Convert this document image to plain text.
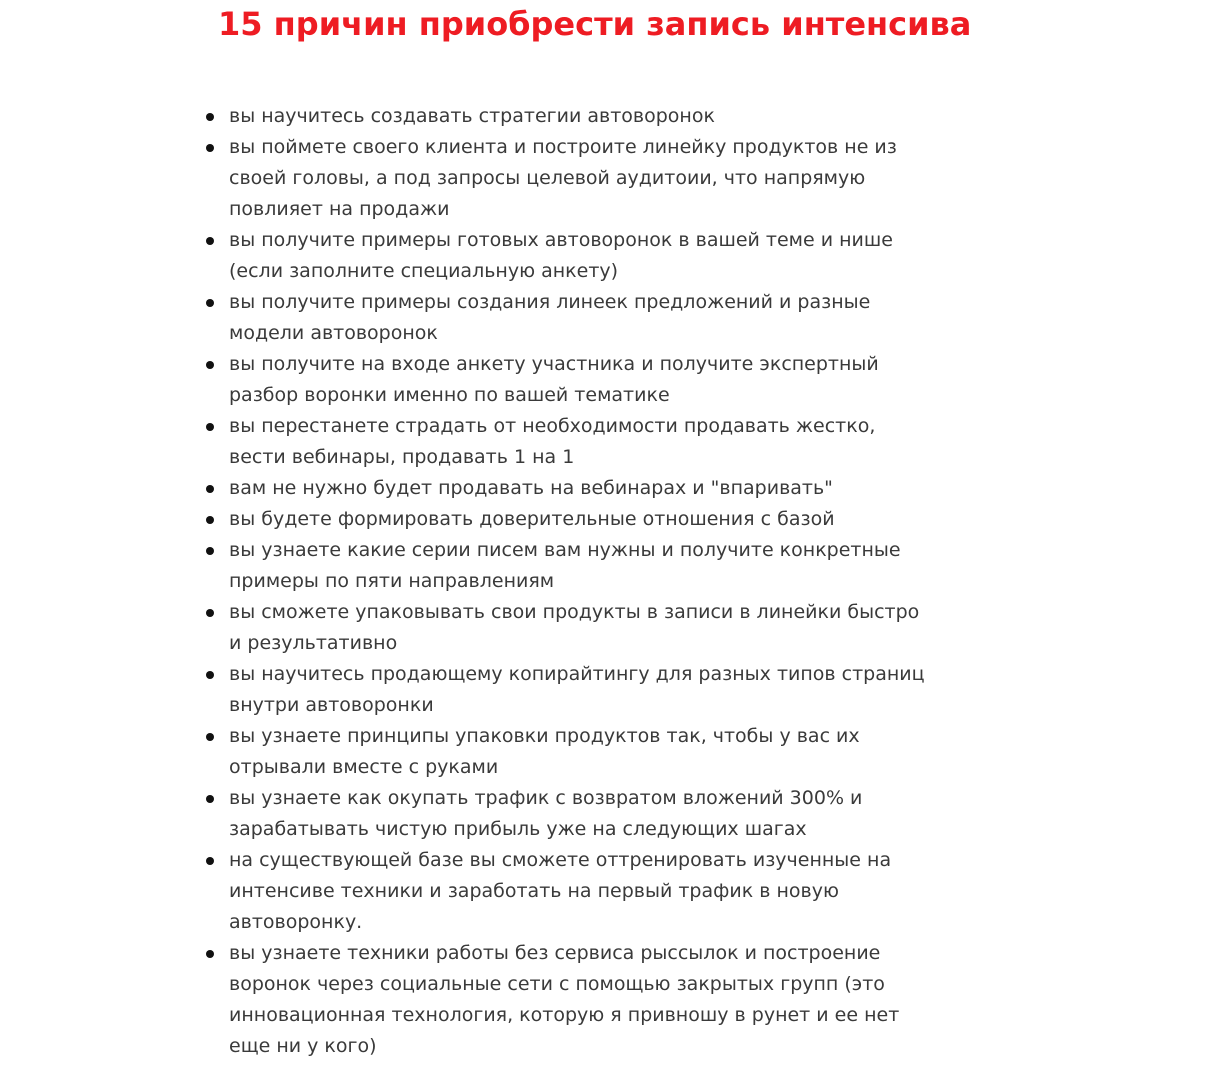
15 причин приобрести запись интенсива
вы научитесь создавать стратегии автоворонок
вы поймете своего клиента и построите линейку продуктов не из своей головы, а под запросы целевой аудитоии, что напрямую повлияет на продажи
вы получите примеры готовых автоворонок в вашей теме и нише (если заполните специальную анкету)
вы получите примеры создания линеек предложений и разные модели автоворонок
вы получите на входе анкету участника и получите экспертный разбор воронки именно по вашей тематике
вы перестанете страдать от необходимости продавать жестко, вести вебинары, продавать 1 на 1
вам не нужно будет продавать на вебинарах и "впаривать"
вы будете формировать доверительные отношения с базой
вы узнаете какие серии писем вам нужны и получите конкретные примеры по пяти направлениям
вы сможете упаковывать свои продукты в записи в линейки быстро и результативно
вы научитесь продающему копирайтингу для разных типов страниц внутри автоворонки
вы узнаете принципы упаковки продуктов так, чтобы у вас их отрывали вместе с руками
вы узнаете как окупать трафик с возвратом вложений 300% и зарабатывать чистую прибыль уже на следующих шагах
на существующей базе вы сможете оттренировать изученные на интенсиве техники и заработать на первый трафик в новую автоворонку.
вы узнаете техники работы без сервиса рыссылок и построение воронок через социальные сети с помощью закрытых групп (это инновационная технология, которую я привношу в рунет и ее нет еще ни у кого)
